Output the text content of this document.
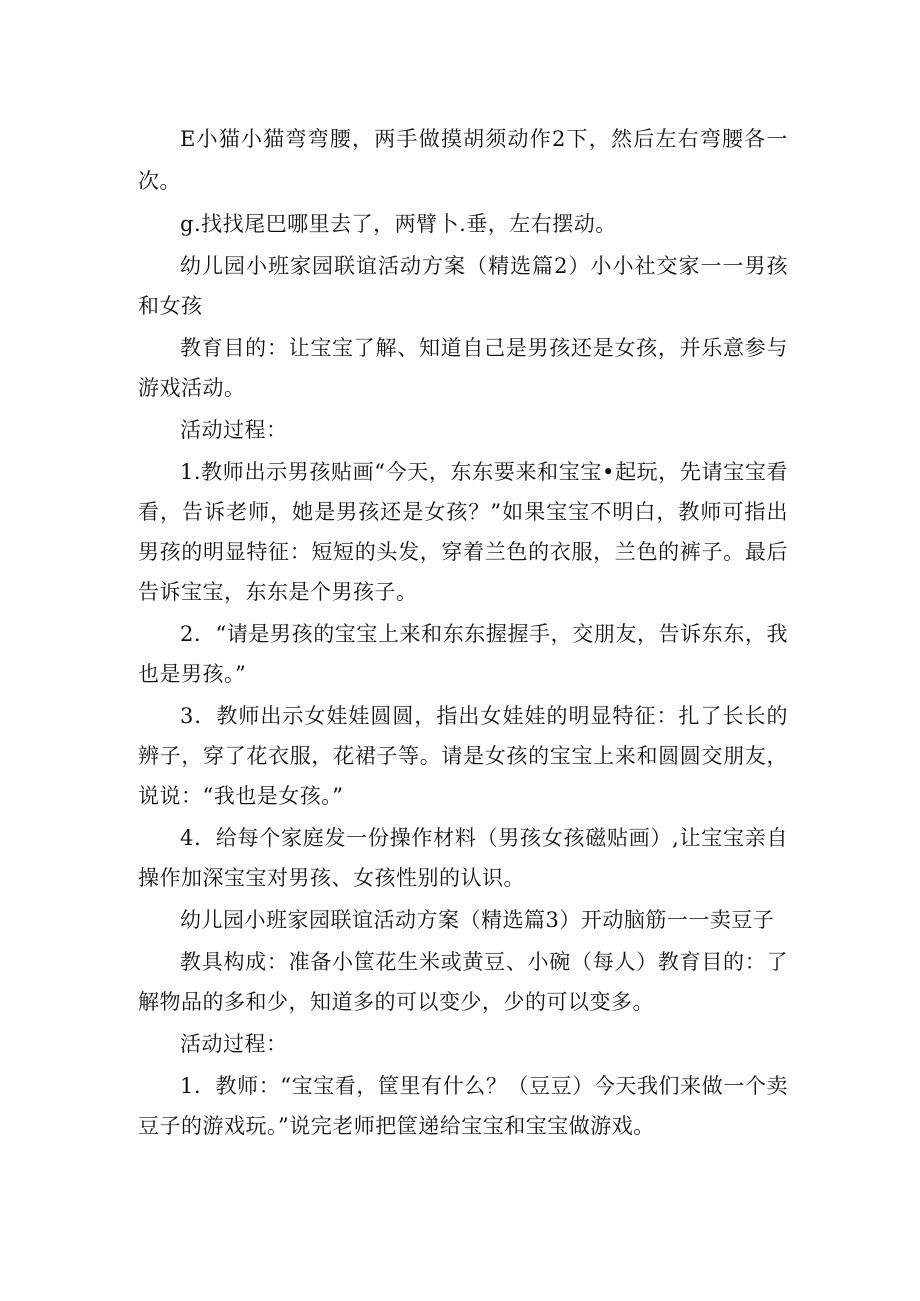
E小猫小猫弯弯腰，两手做摸胡须动作2下，然后左右弯腰各一次。

g.找找尾巴哪里去了，两臂卜.垂，左右摆动。

幼儿园小班家园联谊活动方案（精选篇2）小小社交家一一男孩和女孩

教育目的：让宝宝了解、知道自己是男孩还是女孩，并乐意参与游戏活动。

活动过程：

1.教师出示男孩贴画“今天，东东要来和宝宝•起玩，先请宝宝看看，告诉老师，她是男孩还是女孩？”如果宝宝不明白，教师可指出男孩的明显特征：短短的头发，穿着兰色的衣服，兰色的裤子。最后告诉宝宝，东东是个男孩子。

2．“请是男孩的宝宝上来和东东握握手，交朋友，告诉东东，我也是男孩。”

3．教师出示女娃娃圆圆，指出女娃娃的明显特征：扎了长长的辨子，穿了花衣服，花裙子等。请是女孩的宝宝上来和圆圆交朋友，说说：“我也是女孩。”

4．给每个家庭发一份操作材料（男孩女孩磁贴画）,让宝宝亲自操作加深宝宝对男孩、女孩性别的认识。

幼儿园小班家园联谊活动方案（精选篇3）开动脑筋一一卖豆子

教具构成：准备小筐花生米或黄豆、小碗（每人）教育目的：了解物品的多和少，知道多的可以变少，少的可以变多。

活动过程：

1．教师：“宝宝看，筐里有什么？（豆豆）今天我们来做一个卖豆子的游戏玩。”说完老师把筐递给宝宝和宝宝做游戏。
